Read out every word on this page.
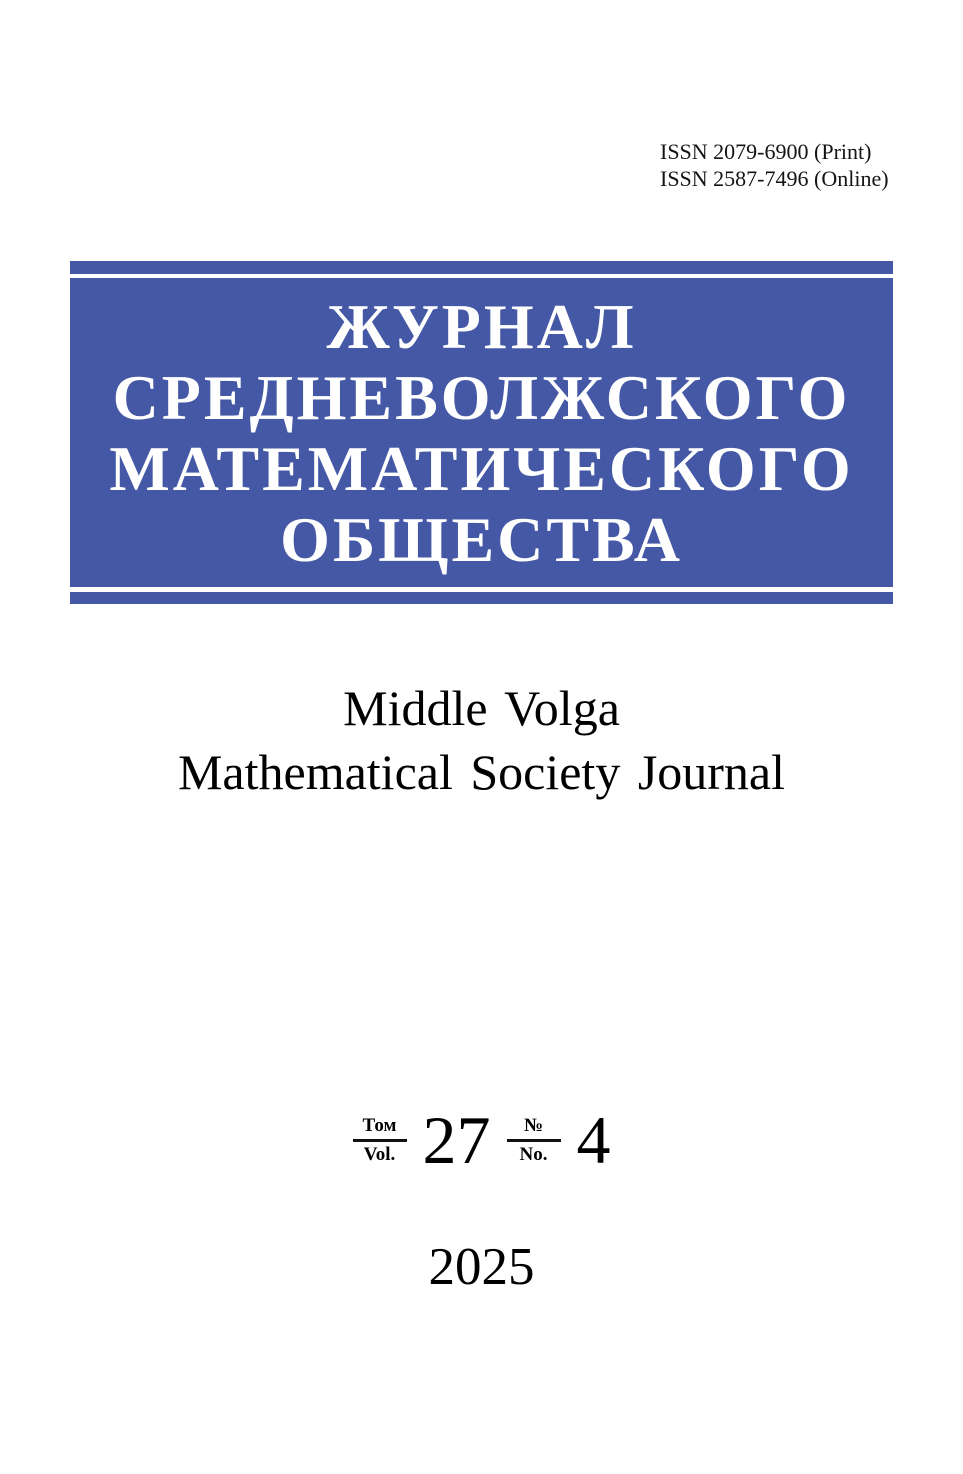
ISSN 2079-6900 (Print)
ISSN 2587-7496 (Online)
ЖУРНАЛ
СРЕДНЕВОЛЖСКОГО
МАТЕМАТИЧЕСКОГО
ОБЩЕСТВА
Middle Volga
Mathematical Society Journal
$\frac{\text{Том}}{\text{Vol.}} 27 \frac{№}{No.} 4$
2025
